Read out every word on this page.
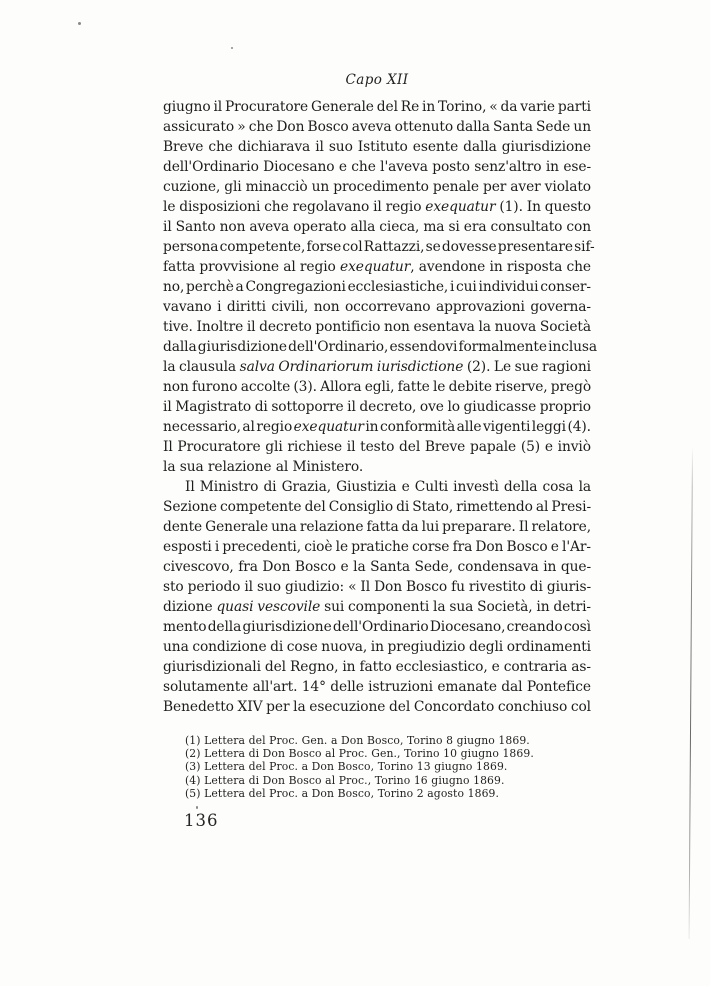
Capo XII
giugno il Procuratore Generale del Re in Torino, « da varie parti
assicurato » che Don Bosco aveva ottenuto dalla Santa Sede un
Breve che dichiarava il suo Istituto esente dalla giurisdizione
dell'Ordinario Diocesano e che l'aveva posto senz'altro in ese-
cuzione, gli minacciò un procedimento penale per aver violato
le disposizioni che regolavano il regio exequatur (1). In questo
il Santo non aveva operato alla cieca, ma si era consultato con
persona competente, forse col Rattazzi, se dovesse presentare sif-
fatta provvisione al regio exequatur, avendone in risposta che
no, perchè a Congregazioni ecclesiastiche, i cui individui conser-
vavano i diritti civili, non occorrevano approvazioni governa-
tive. Inoltre il decreto pontificio non esentava la nuova Società
dalla giurisdizione dell'Ordinario, essendovi formalmente inclusa
la clausula salva Ordinariorum iurisdictione (2). Le sue ragioni
non furono accolte (3). Allora egli, fatte le debite riserve, pregò
il Magistrato di sottoporre il decreto, ove lo giudicasse proprio
necessario, al regio exequatur in conformità alle vigenti leggi (4).
Il Procuratore gli richiese il testo del Breve papale (5) e inviò
la sua relazione al Ministero.
Il Ministro di Grazia, Giustizia e Culti investì della cosa la
Sezione competente del Consiglio di Stato, rimettendo al Presi-
dente Generale una relazione fatta da lui preparare. Il relatore,
esposti i precedenti, cioè le pratiche corse fra Don Bosco e l'Ar-
civescovo, fra Don Bosco e la Santa Sede, condensava in que-
sto periodo il suo giudizio: « Il Don Bosco fu rivestito di giuris-
dizione quasi vescovile sui componenti la sua Società, in detri-
mento della giurisdizione dell'Ordinario Diocesano, creando così
una condizione di cose nuova, in pregiudizio degli ordinamenti
giurisdizionali del Regno, in fatto ecclesiastico, e contraria as-
solutamente all'art. 14° delle istruzioni emanate dal Pontefice
Benedetto XIV per la esecuzione del Concordato conchiuso col
(1) Lettera del Proc. Gen. a Don Bosco, Torino 8 giugno 1869.
(2) Lettera di Don Bosco al Proc. Gen., Torino 10 giugno 1869.
(3) Lettera del Proc. a Don Bosco, Torino 13 giugno 1869.
(4) Lettera di Don Bosco al Proc., Torino 16 giugno 1869.
(5) Lettera del Proc. a Don Bosco, Torino 2 agosto 1869.
136
